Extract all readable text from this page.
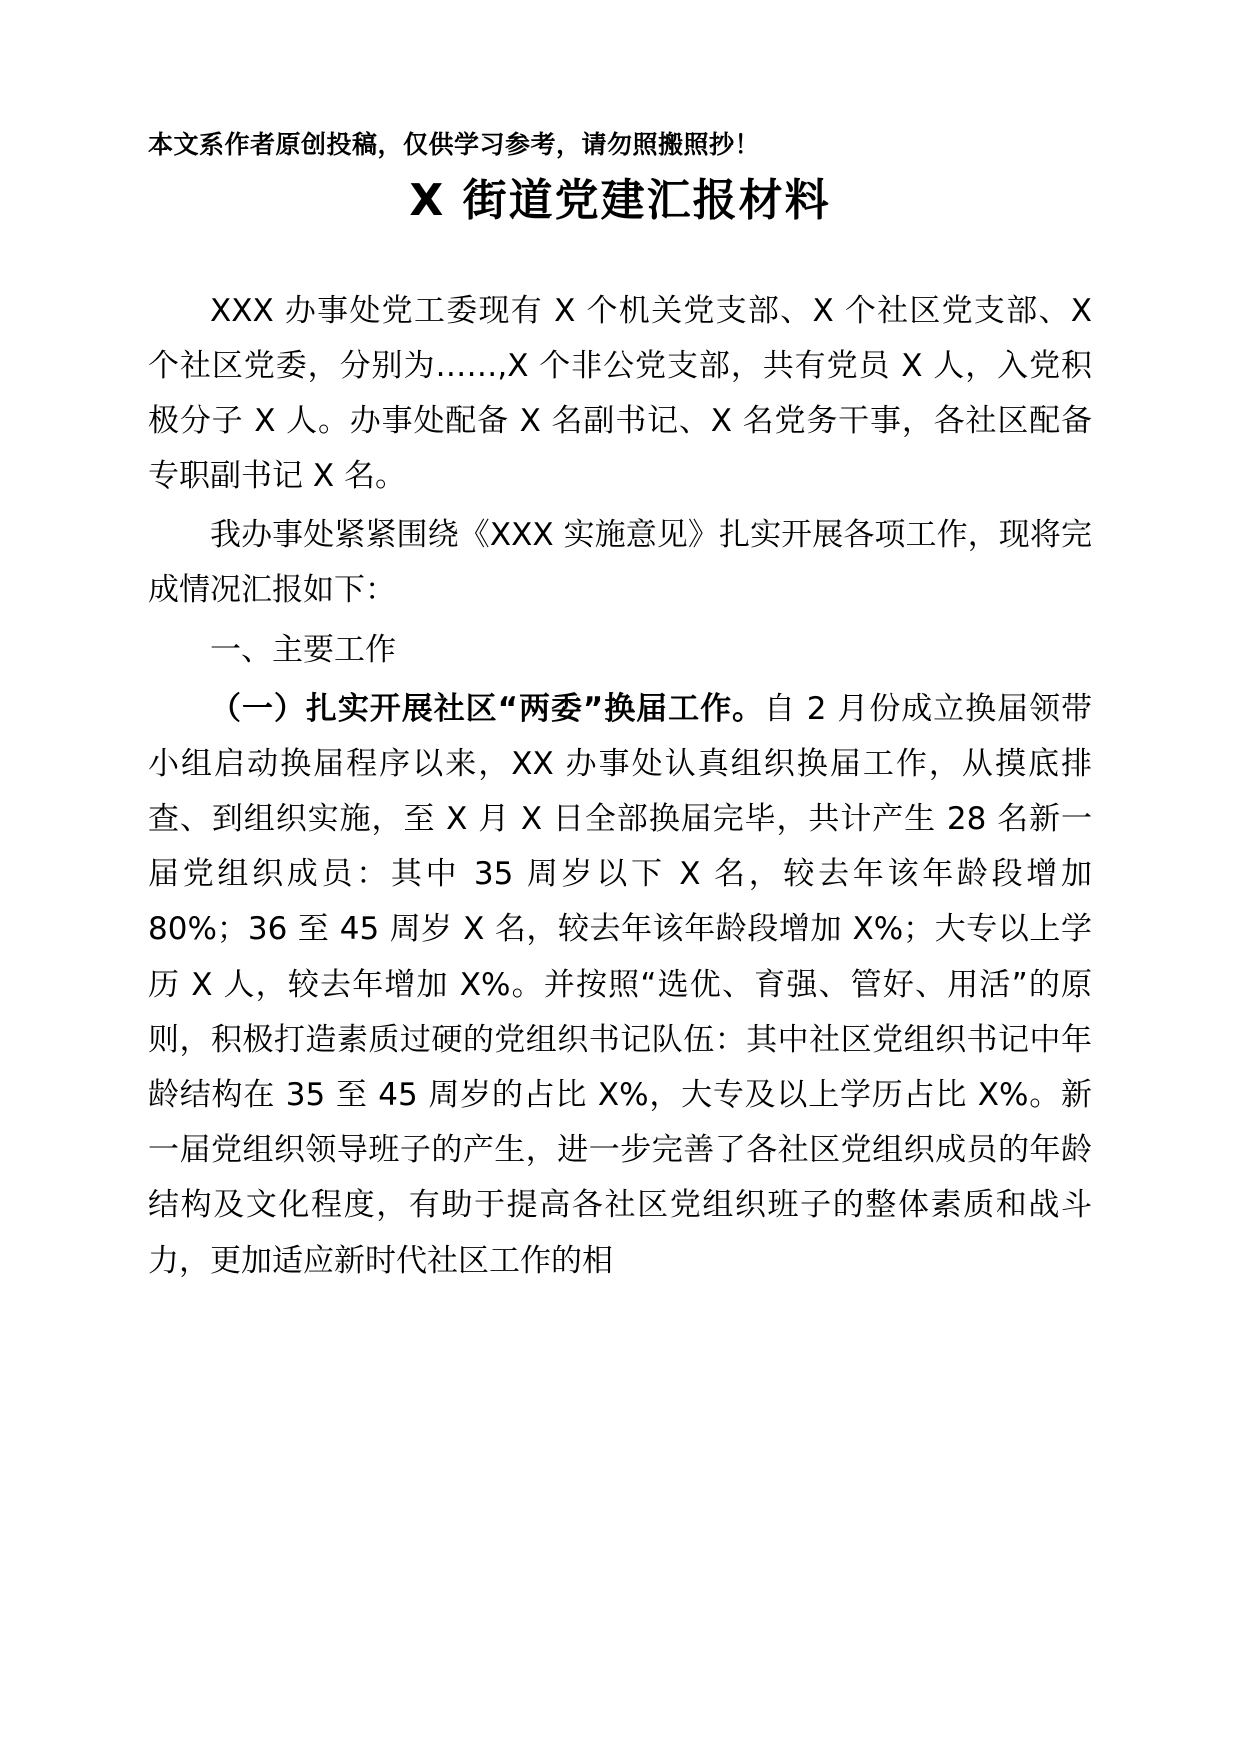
本文系作者原创投稿，仅供学习参考，请勿照搬照抄！
X 街道党建汇报材料

XXX 办事处党工委现有 X 个机关党支部、X 个社区党支部、X 个社区党委，分别为……,X 个非公党支部，共有党员 X 人，入党积极分子 X 人。办事处配备 X 名副书记、X 名党务干事，各社区配备专职副书记 X 名。

我办事处紧紧围绕《XXX 实施意见》扎实开展各项工作，现将完成情况汇报如下：

一、主要工作

（一）扎实开展社区“两委”换届工作。自 2 月份成立换届领带小组启动换届程序以来，XX 办事处认真组织换届工作，从摸底排查、到组织实施，至 X 月 X 日全部换届完毕，共计产生 28 名新一届党组织成员：其中 35 周岁以下 X 名，较去年该年龄段增加 80%；36 至 45 周岁 X 名，较去年该年龄段增加 X%；大专以上学历 X 人，较去年增加 X%。并按照“选优、育强、管好、用活”的原则，积极打造素质过硬的党组织书记队伍：其中社区党组织书记中年龄结构在 35 至 45 周岁的占比 X%，大专及以上学历占比 X%。新一届党组织领导班子的产生，进一步完善了各社区党组织成员的年龄结构及文化程度，有助于提高各社区党组织班子的整体素质和战斗力，更加适应新时代社区工作的相
